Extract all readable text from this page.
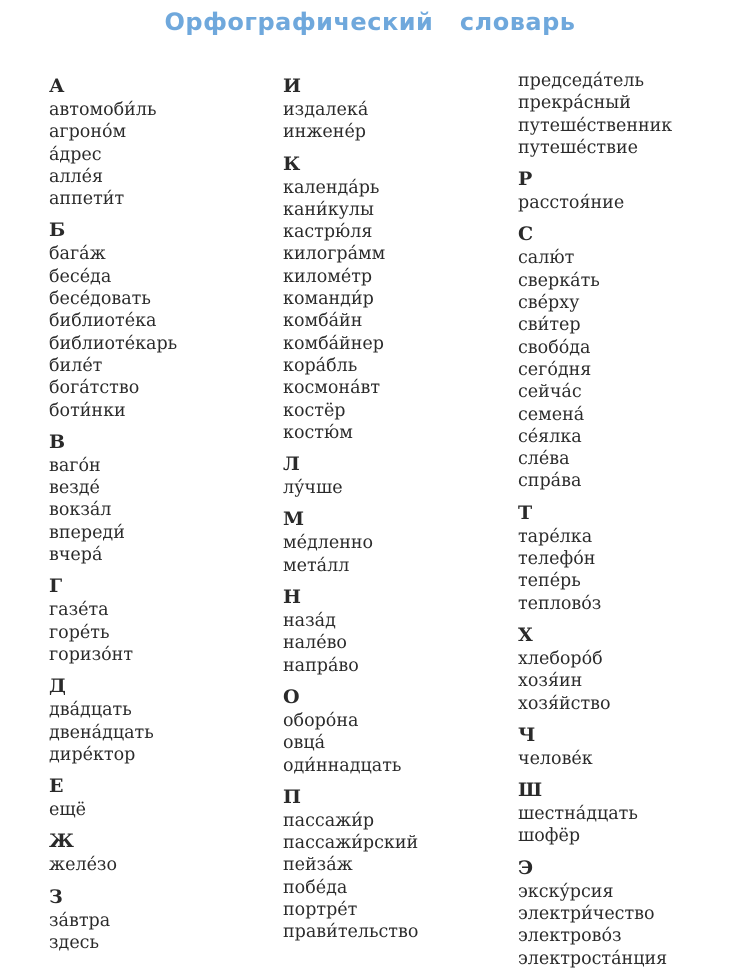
Орфографический   словарь
А
автомоби́ль
агроно́м
а́дрес
алле́я
аппети́т
Б
бага́ж
бесе́да
бесе́довать
библиоте́ка
библиоте́карь
биле́т
бога́тство
боти́нки
В
ваго́н
везде́
вокза́л
впереди́
вчера́
Г
газе́та
горе́ть
горизо́нт
Д
два́дцать
двена́дцать
дире́ктор
Е
ещё
Ж
желе́зо
З
за́втра
здесь
И
издалека́
инжене́р
К
календа́рь
кани́кулы
кастрю́ля
килогра́мм
киломе́тр
команди́р
комба́йн
комба́йнер
кора́бль
космона́вт
костёр
костю́м
Л
лу́чше
М
ме́дленно
мета́лл
Н
наза́д
нале́во
напра́во
О
оборо́на
овца́
оди́ннадцать
П
пассажи́р
пассажи́рский
пейза́ж
побе́да
портре́т
прави́тельство
председа́тель
прекра́сный
путеше́ственник
путеше́ствие
Р
расстоя́ние
С
салю́т
сверка́ть
све́рху
сви́тер
свобо́да
сего́дня
сейча́с
семена́
се́ялка
сле́ва
спра́ва
Т
таре́лка
телефо́н
тепе́рь
теплово́з
Х
хлеборо́б
хозя́ин
хозя́йство
Ч
челове́к
Ш
шестна́дцать
шофёр
Э
экску́рсия
электри́чество
электрово́з
электроста́нция
